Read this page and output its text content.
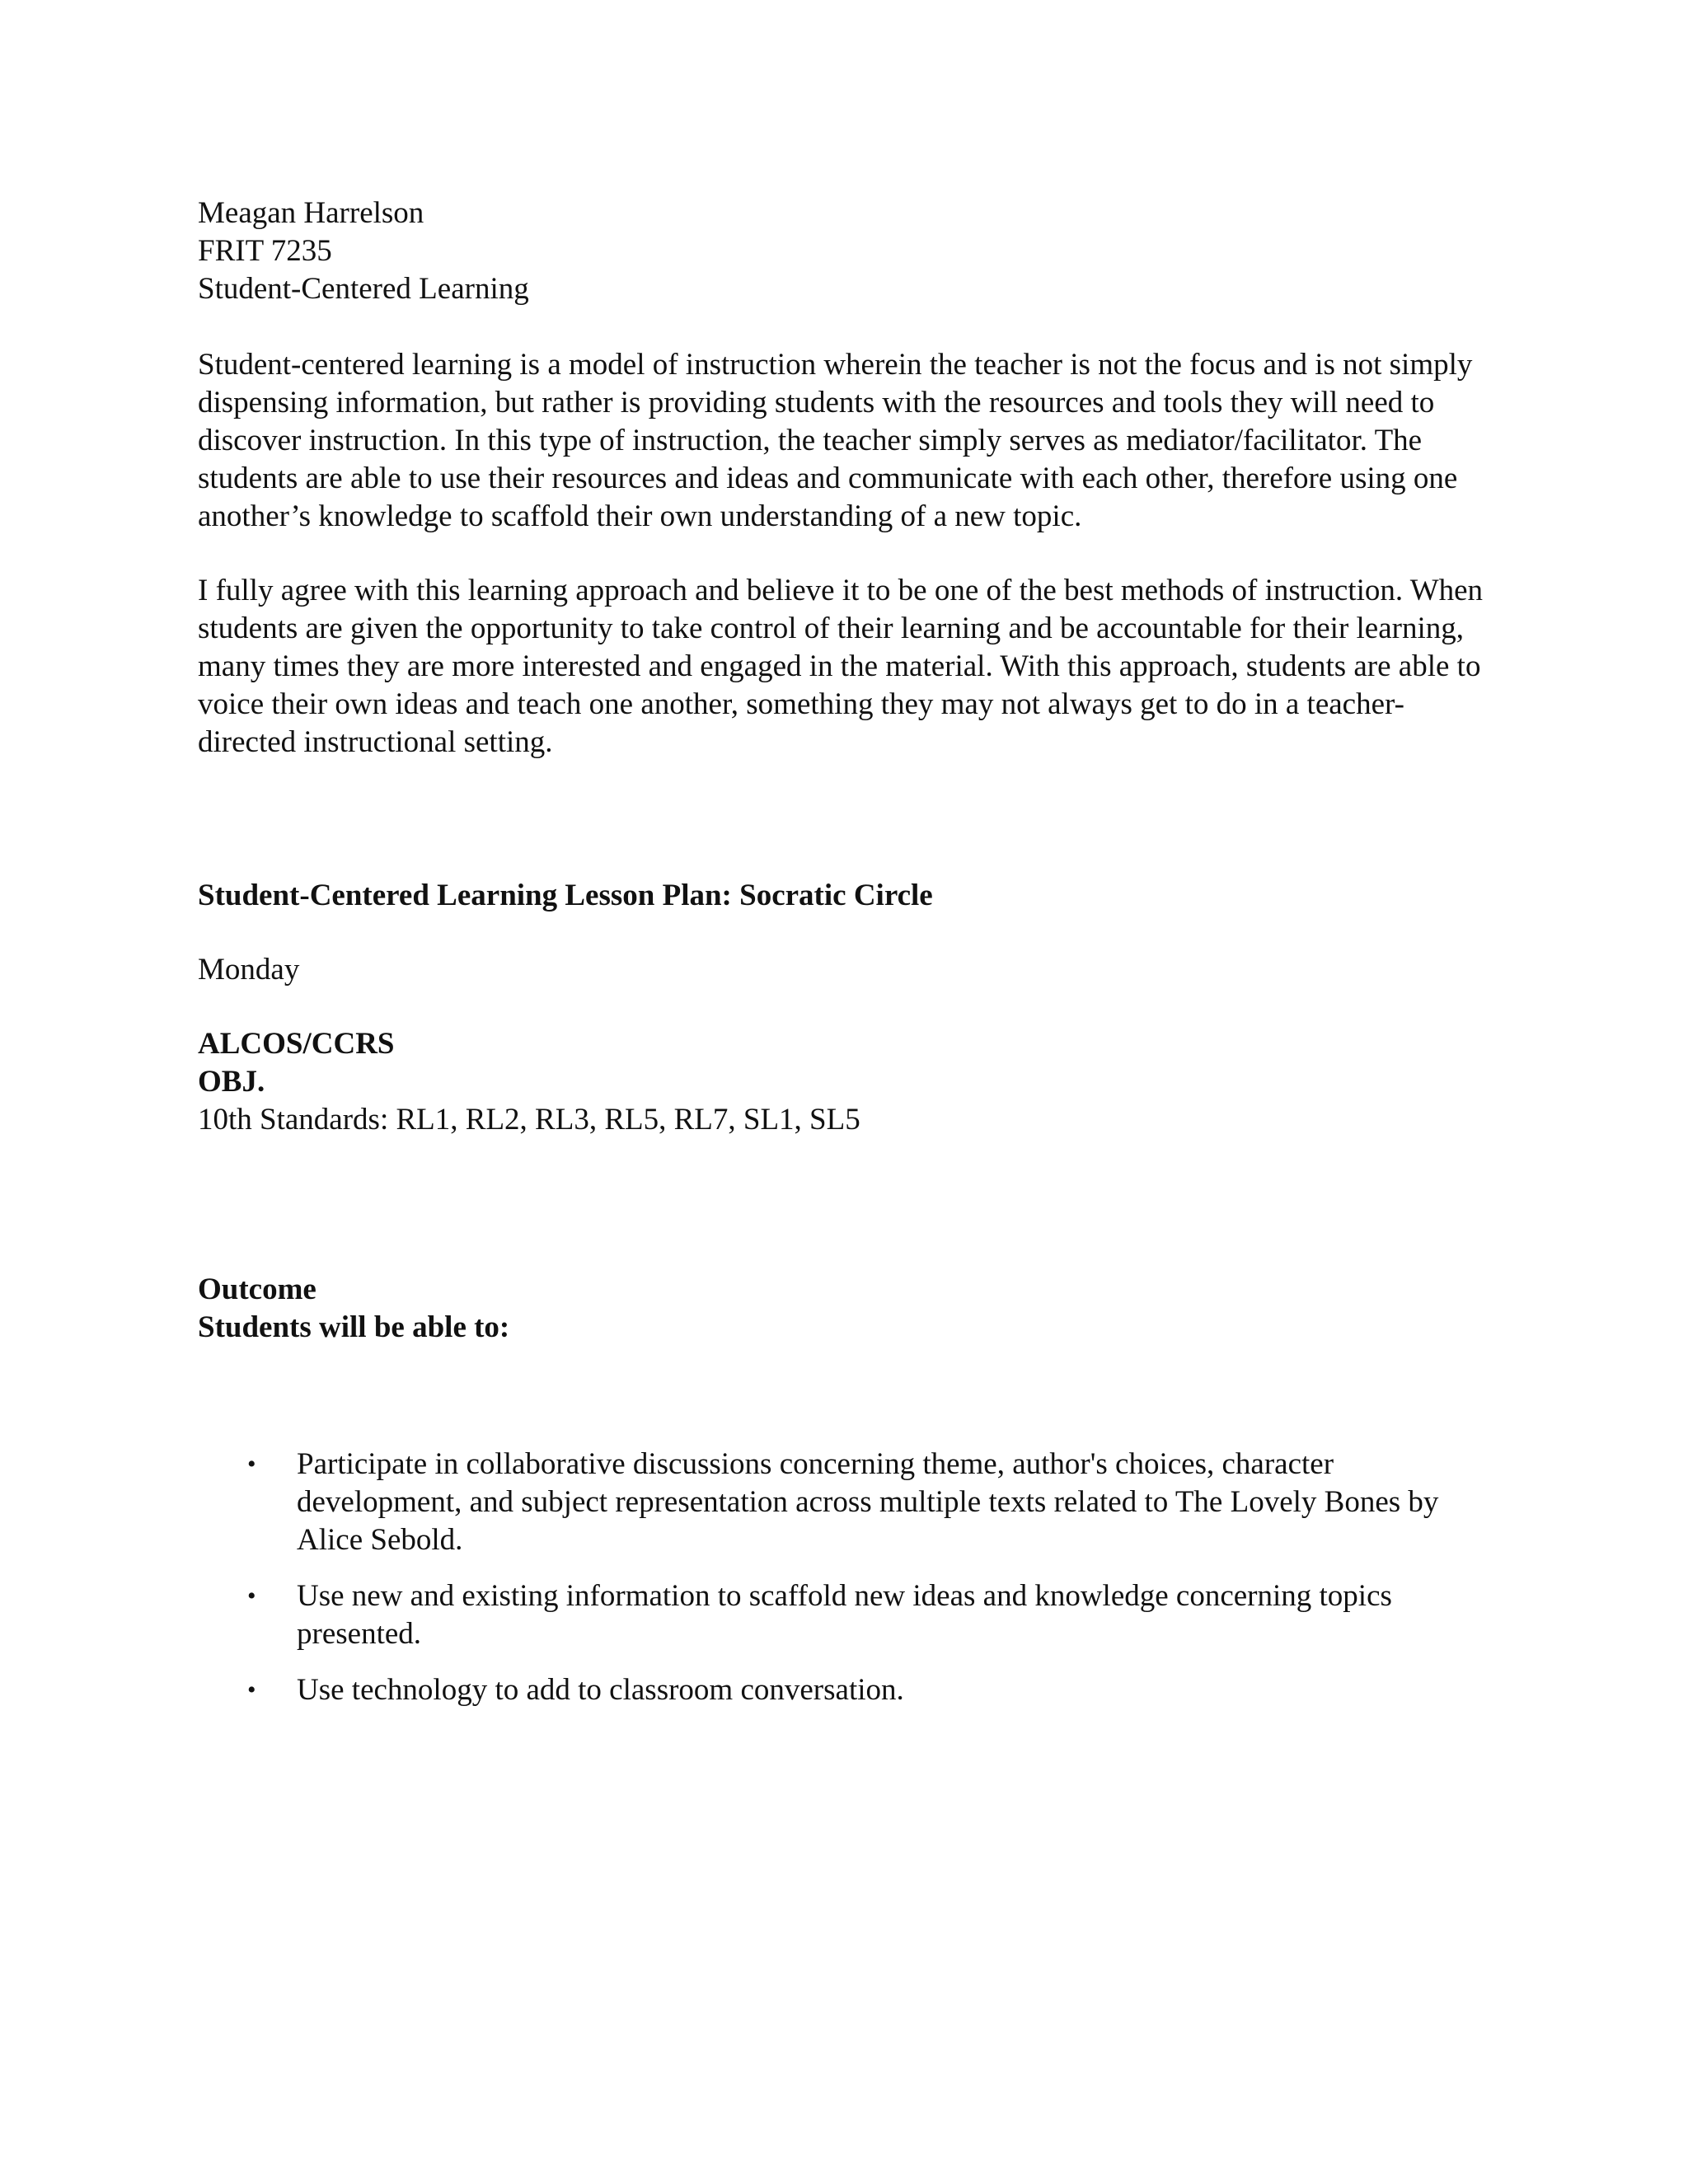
Meagan Harrelson
FRIT 7235
Student-Centered Learning

Student-centered learning is a model of instruction wherein the teacher is not the focus and is not simply dispensing information, but rather is providing students with the resources and tools they will need to discover instruction. In this type of instruction, the teacher simply serves as mediator/facilitator. The students are able to use their resources and ideas and communicate with each other, therefore using one another’s knowledge to scaffold their own understanding of a new topic.

I fully agree with this learning approach and believe it to be one of the best methods of instruction. When students are given the opportunity to take control of their learning and be accountable for their learning, many times they are more interested and engaged in the material. With this approach, students are able to voice their own ideas and teach one another, something they may not always get to do in a teacher-directed instructional setting.

Student-Centered Learning Lesson Plan: Socratic Circle
Monday
ALCOS/CCRS
OBJ.
10th Standards: RL1, RL2, RL3, RL5, RL7, SL1, SL5
Outcome
Students will be able to:
• Participate in collaborative discussions concerning theme, author's choices, character development, and subject representation across multiple texts related to The Lovely Bones by Alice Sebold.
• Use new and existing information to scaffold new ideas and knowledge concerning topics presented.
• Use technology to add to classroom conversation.
